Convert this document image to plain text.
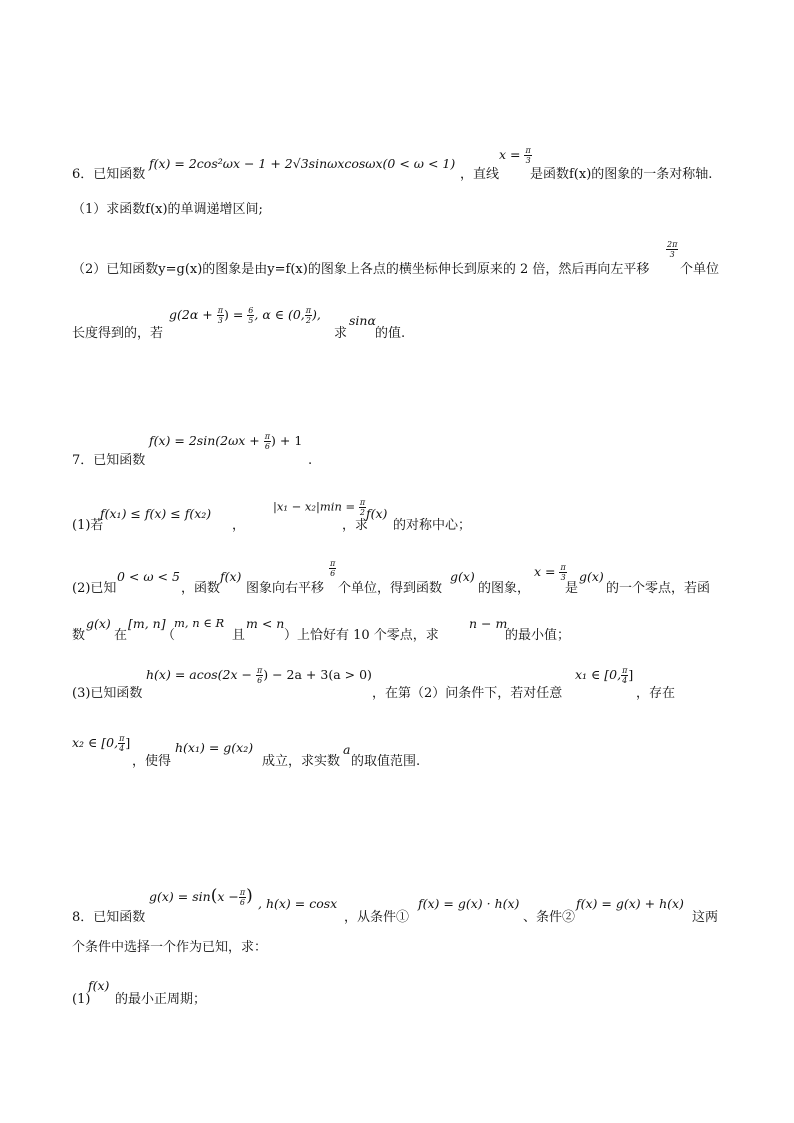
6．已知函数
f(x) = 2cos²ωx − 1 + 2√3sinωxcosωx(0 < ω < 1)
，直线
$x = \frac{\pi}{3}$
是函数f(x)的图象的一条对称轴.
（1）求函数f(x)的单调递增区间;
（2）已知函数y=g(x)的图象是由y=f(x)的图象上各点的横坐标伸长到原来的 2 倍，然后再向左平移
$\frac{2\pi}{3}$
个单位
长度得到的，若
$g(2\alpha + \frac{\pi}{3}$ ) = $\frac{6}{5}$ , α ∈ (0, $\frac{\pi}{2}$ ),
求
sinα
的值.
7．已知函数
$f(x) = 2\sin(2\omega x + \frac{\pi}{6}$ ) + 1
.
(1)若
f(x₁) ≤ f(x) ≤ f(x₂)
，
$|x_1 - x_2|\min = \frac{\pi}{2}$
，求
f(x)
的对称中心；
(2)已知
0 < ω < 5
，函数
f(x)
图象向右平移
$\frac{\pi}{6}$
个单位，得到函数
g(x)
的图象，
$x = \frac{\pi}{3}$
是
g(x)
的一个零点，若函
数
g(x)
在
[m, n]
（
m, n ∈ R
且
m < n
）上恰好有 10 个零点，求
n − m
的最小值；
(3)已知函数
$h(x) = acos(2x - \frac{\pi}{6}$ ) − 2a + 3(a > 0)
，在第（2）问条件下，若对任意
x₁ ∈ [0, $\frac{\pi}{4}$ ]
，存在
x₂ ∈ [0, $\frac{\pi}{4}$ ]
，使得
h(x₁) = g(x₂)
成立，求实数
a
的取值范围.
8．已知函数
$g(x) = \sin(x - \frac{\pi}{6}$ ) , h(x) = cosx
，从条件①
f(x) = g(x) · h(x)
、条件②
f(x) = g(x) + h(x)
这两
个条件中选择一个作为已知，求：
(1)
f(x)
的最小正周期；
